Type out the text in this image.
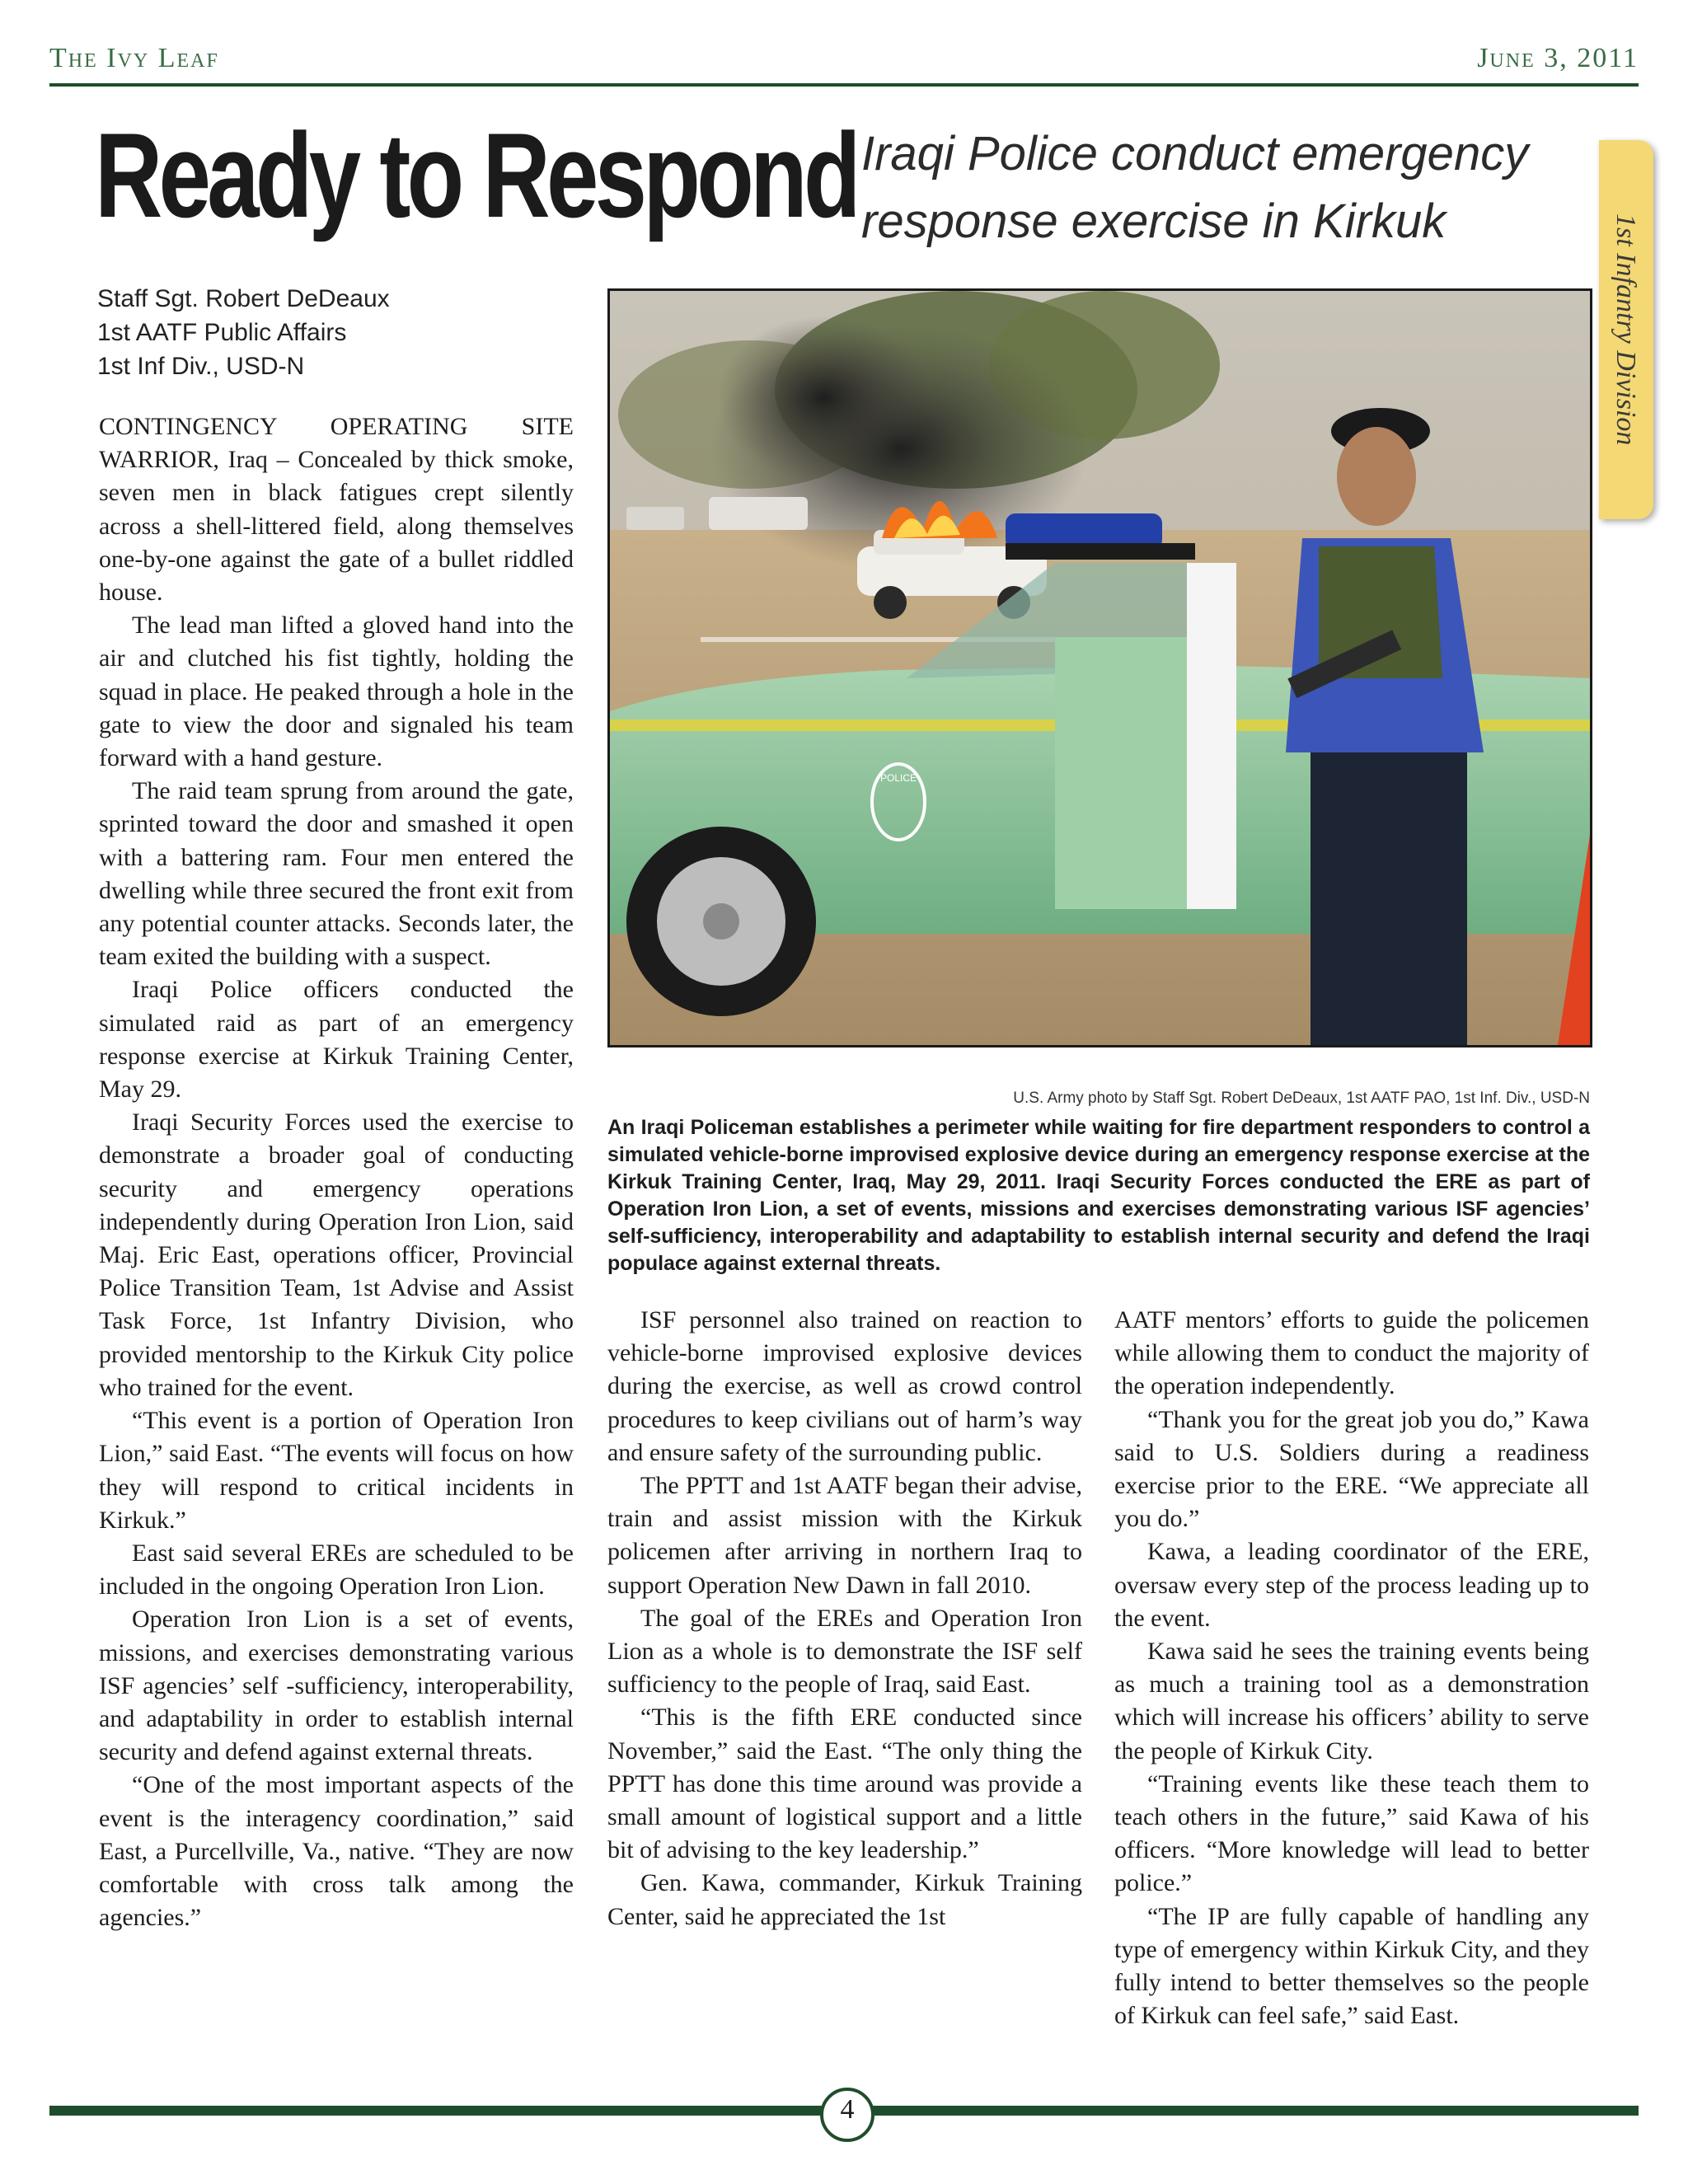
The Ivy Leaf	June 3, 2011
Ready to Respond Iraqi Police conduct emergency response exercise in Kirkuk	1st Infantry Division
Staff Sgt. Robert DeDeaux
1st AATF Public Affairs
1st Inf Div., USD-N

CONTINGENCY OPERATING SITE WARRIOR, Iraq – Concealed by thick smoke, seven men in black fatigues crept silently across a shell-littered field, along themselves one-by-one against the gate of a bullet riddled house.

The lead man lifted a gloved hand into the air and clutched his fist tightly, holding the squad in place. He peaked through a hole in the gate to view the door and signaled his team forward with a hand gesture.

The raid team sprung from around the gate, sprinted toward the door and smashed it open with a battering ram. Four men entered the dwelling while three secured the front exit from any potential counter attacks. Seconds later, the team exited the building with a suspect.

Iraqi Police officers conducted the simulated raid as part of an emergency response exercise at Kirkuk Training Center, May 29.

Iraqi Security Forces used the exercise to demonstrate a broader goal of conducting security and emergency operations independently during Operation Iron Lion, said Maj. Eric East, operations officer, Provincial Police Transition Team, 1st Advise and Assist Task Force, 1st Infantry Division, who provided mentorship to the Kirkuk City police who trained for the event.

“This event is a portion of Operation Iron Lion,” said East. “The events will focus on how they will respond to critical incidents in Kirkuk.”

East said several EREs are scheduled to be included in the ongoing Operation Iron Lion.

Operation Iron Lion is a set of events, missions, and exercises demonstrating various ISF agencies’ self -sufficiency, interoperability, and adaptability in order to establish internal security and defend against external threats.

“One of the most important aspects of the event is the interagency coordination,” said East, a Purcellville, Va., native. “They are now comfortable with cross talk among the agencies.”

POLICE
U.S. Army photo by Staff Sgt. Robert DeDeaux, 1st AATF PAO, 1st Inf. Div., USD-N
An Iraqi Policeman establishes a perimeter while waiting for fire department responders to control a simulated vehicle-borne improvised explosive device during an emergency response exercise at the Kirkuk Training Center, Iraq, May 29, 2011. Iraqi Security Forces conducted the ERE as part of Operation Iron Lion, a set of events, missions and exercises demonstrating various ISF agencies’ self-sufficiency, interoperability and adaptability to establish internal security and defend the Iraqi populace against external threats.

ISF personnel also trained on reaction to vehicle-borne improvised explosive devices during the exercise, as well as crowd control procedures to keep civilians out of harm’s way and ensure safety of the surrounding public.

The PPTT and 1st AATF began their advise, train and assist mission with the Kirkuk policemen after arriving in northern Iraq to support Operation New Dawn in fall 2010.

The goal of the EREs and Operation Iron Lion as a whole is to demonstrate the ISF self sufficiency to the people of Iraq, said East.

“This is the fifth ERE conducted since November,” said the East. “The only thing the PPTT has done this time around was provide a small amount of logistical support and a little bit of advising to the key leadership.”

Gen. Kawa, commander, Kirkuk Training Center, said he appreciated the 1st

AATF mentors’ efforts to guide the policemen while allowing them to conduct the majority of the operation independently.

“Thank you for the great job you do,” Kawa said to U.S. Soldiers during a readiness exercise prior to the ERE. “We appreciate all you do.”

Kawa, a leading coordinator of the ERE, oversaw every step of the process leading up to the event.

Kawa said he sees the training events being as much a training tool as a demonstration which will increase his officers’ ability to serve the people of Kirkuk City.

“Training events like these teach them to teach others in the future,” said Kawa of his officers. “More knowledge will lead to better police.”

“The IP are fully capable of handling any type of emergency within Kirkuk City, and they fully intend to better themselves so the people of Kirkuk can feel safe,” said East.

4
